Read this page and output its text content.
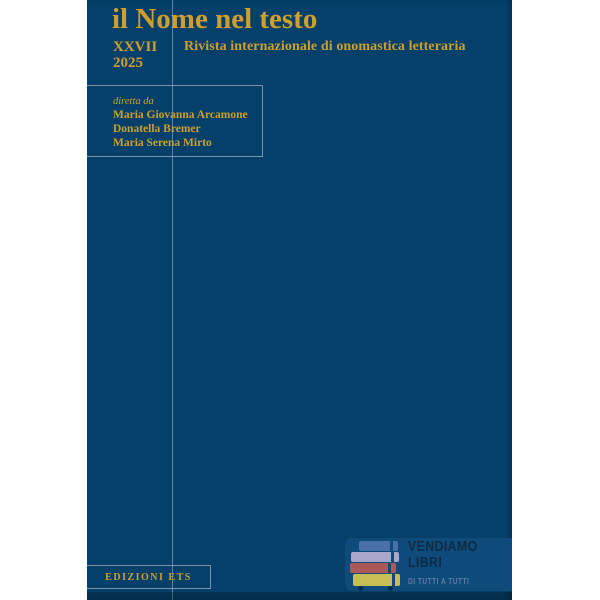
il Nome nel testo
XXVII
2025
Rivista internazionale di onomastica letteraria
diretta da
Maria Giovanna Arcamone
Donatella Bremer
Maria Serena Mirto
EDIZIONI ETS
VENDIAMO
LIBRI
DI TUTTI A TUTTI
